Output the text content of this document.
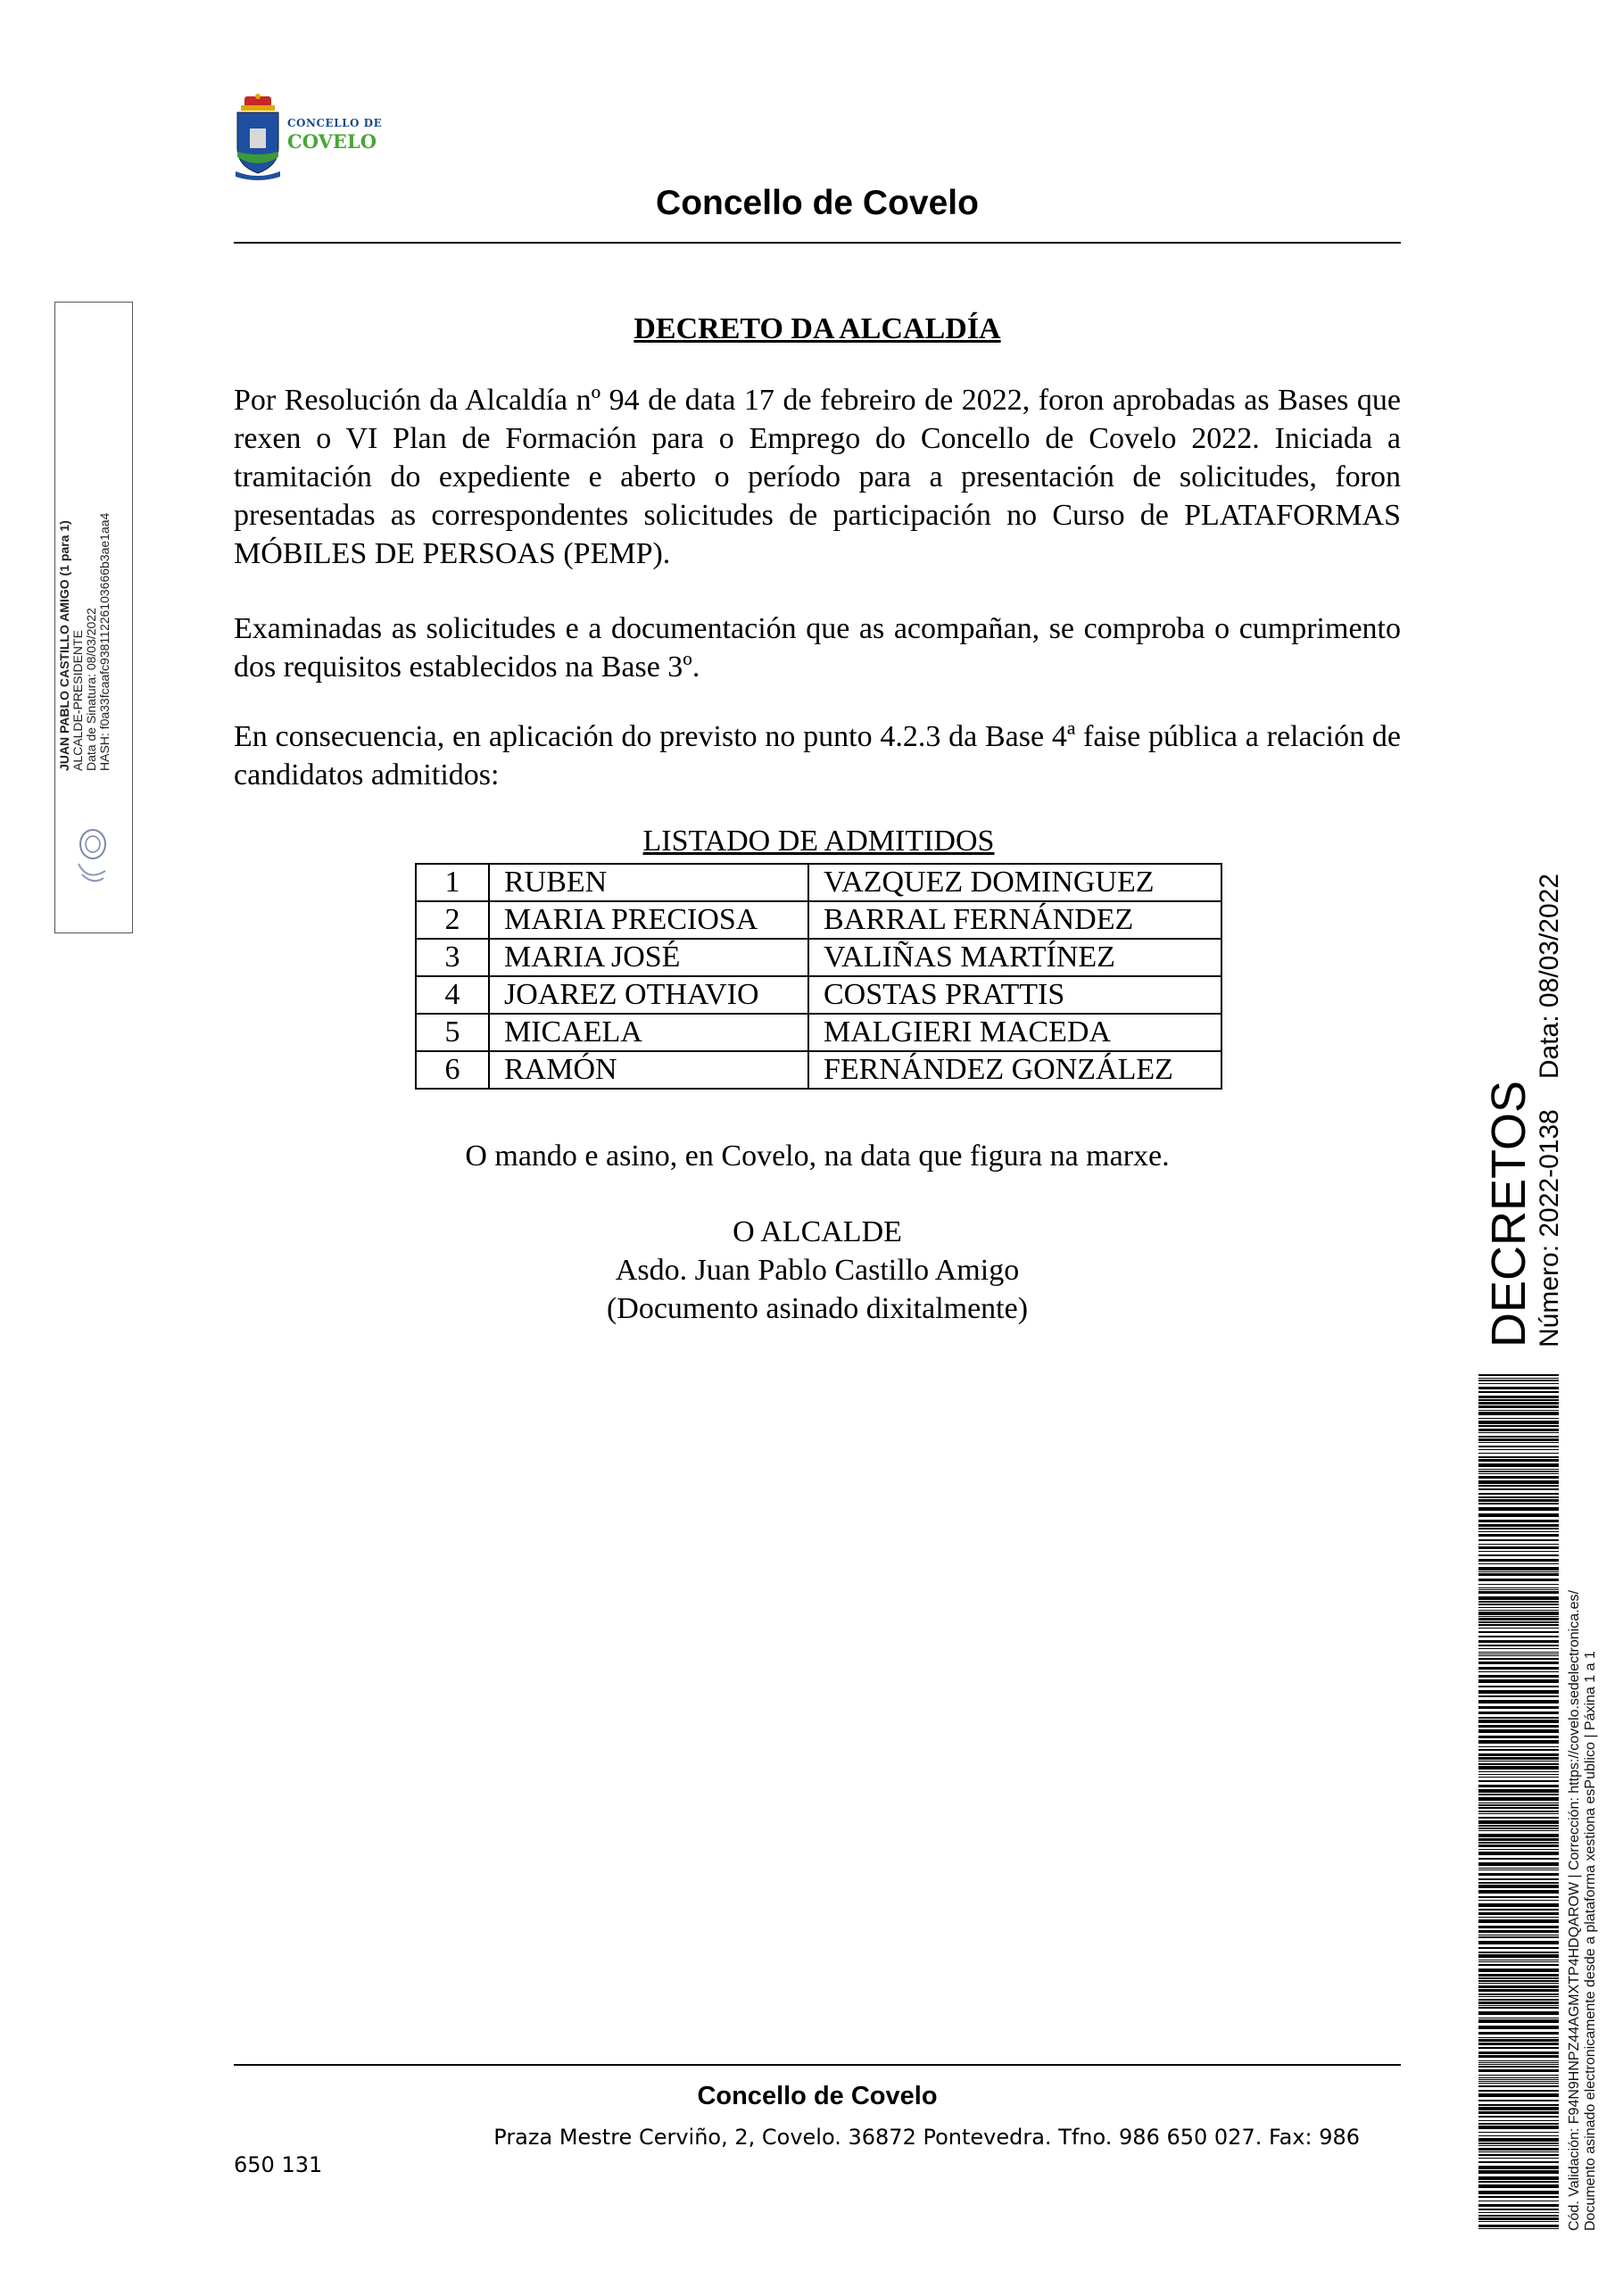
CONCELLO DE
COVELO
Concello de Covelo
JUAN PABLO CASTILLO AMIGO (1 para 1) ALCALDE-PRESIDENTE Data de Sinatura: 08/03/2022 HASH: f0a33fcaafc93811226103666b3ae1aa4
DECRETO DA ALCALDÍA

Por Resolución da Alcaldía nº 94 de data 17 de febreiro de 2022, foron aprobadas as Bases que rexen o VI Plan de Formación para o Emprego do Concello de Covelo 2022. Iniciada a tramitación do expediente e aberto o período para a presentación de solicitudes, foron presentadas as correspondentes solicitudes de participación no Curso de PLATAFORMAS MÓBILES DE PERSOAS (PEMP).

Examinadas as solicitudes e a documentación que as acompañan, se comproba o cumprimento dos requisitos establecidos na Base 3º.

En consecuencia, en aplicación do previsto no punto 4.2.3 da Base 4ª faise pública a relación de candidatos admitidos:

LISTADO DE ADMITIDOS
1	RUBEN	VAZQUEZ DOMINGUEZ
2	MARIA PRECIOSA	BARRAL FERNÁNDEZ
3	MARIA JOSÉ	VALIÑAS MARTÍNEZ
4	JOAREZ OTHAVIO	COSTAS PRATTIS
5	MICAELA	MALGIERI MACEDA
6	RAMÓN	FERNÁNDEZ GONZÁLEZ
O mando e asino, en Covelo, na data que figura na marxe.
O ALCALDE
Asdo. Juan Pablo Castillo Amigo
(Documento asinado dixitalmente)	DECRETOS Número: 2022-0138Data: 08/03/2022
Cód. Validación: F94N9HNPZ44AGMXTP4HDQAROW | Corrección: https://covelo.sedelectronica.es/ Documento asinado electronicamente desde a plataforma xestiona esPublico | Páxina 1 a 1
Concello de Covelo
Praza Mestre Cerviño, 2, Covelo. 36872 Pontevedra. Tfno. 986 650 027. Fax: 986
650 131
